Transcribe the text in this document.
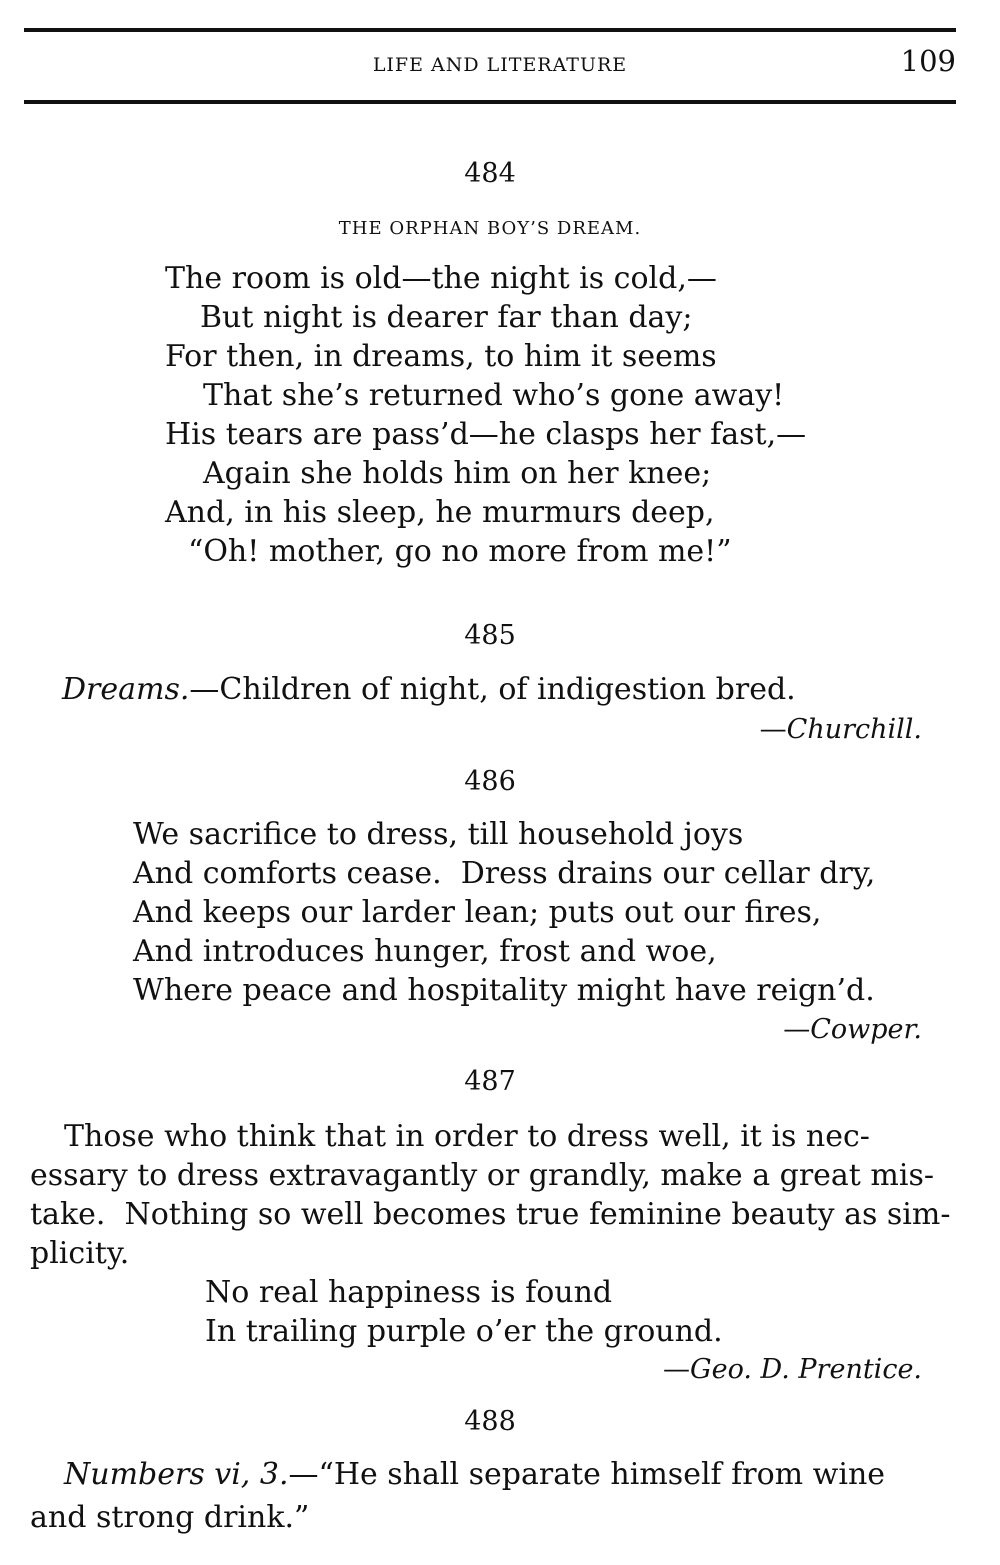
LIFE AND LITERATURE	109
484
THE ORPHAN BOY’S DREAM.
The room is old—the night is cold,—
But night is dearer far than day;
For then, in dreams, to him it seems
That she’s returned who’s gone away!
His tears are pass’d—he clasps her fast,—
Again she holds him on her knee;
And, in his sleep, he murmurs deep,
“Oh! mother, go no more from me!”
485
Dreams.—Children of night, of indigestion bred.
—Churchill.
486
We sacrifice to dress, till household joys
And comforts cease.  Dress drains our cellar dry,
And keeps our larder lean; puts out our fires,
And introduces hunger, frost and woe,
Where peace and hospitality might have reign’d.
—Cowper.
487
Those who think that in order to dress well, it is nec-
essary to dress extravagantly or grandly, make a great mis-
take.  Nothing so well becomes true feminine beauty as sim-
plicity.
No real happiness is found
In trailing purple o’er the ground.
—Geo. D. Prentice.
488
Numbers vi, 3.—“He shall separate himself from wine
and strong drink.”
